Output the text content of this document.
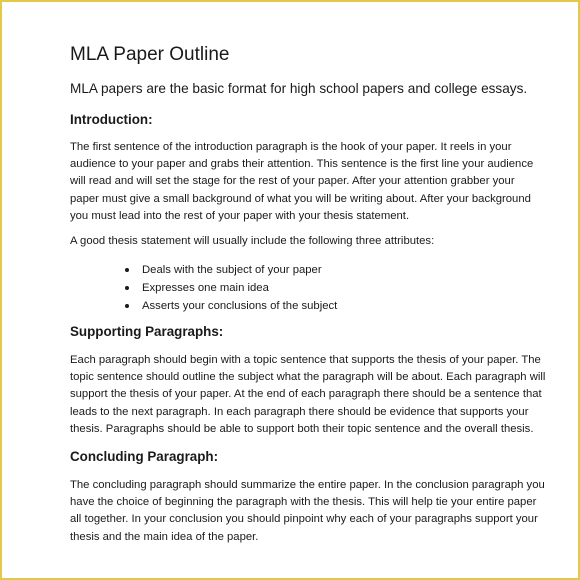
MLA Paper Outline
MLA papers are the basic format for high school papers and college essays.
Introduction:
The first sentence of the introduction paragraph is the hook of your paper. It reels in your
audience to your paper and grabs their attention. This sentence is the first line your audience
will read and will set the stage for the rest of your paper. After your attention grabber your
paper must give a small background of what you will be writing about. After your background
you must lead into the rest of your paper with your thesis statement.
A good thesis statement will usually include the following three attributes:
Deals with the subject of your paper
Expresses one main idea
Asserts your conclusions of the subject
Supporting Paragraphs:
Each paragraph should begin with a topic sentence that supports the thesis of your paper. The
topic sentence should outline the subject what the paragraph will be about. Each paragraph will
support the thesis of your paper. At the end of each paragraph there should be a sentence that
leads to the next paragraph. In each paragraph there should be evidence that supports your
thesis. Paragraphs should be able to support both their topic sentence and the overall thesis.
Concluding Paragraph:
The concluding paragraph should summarize the entire paper. In the conclusion paragraph you
have the choice of beginning the paragraph with the thesis. This will help tie your entire paper
all together. In your conclusion you should pinpoint why each of your paragraphs support your
thesis and the main idea of the paper.
